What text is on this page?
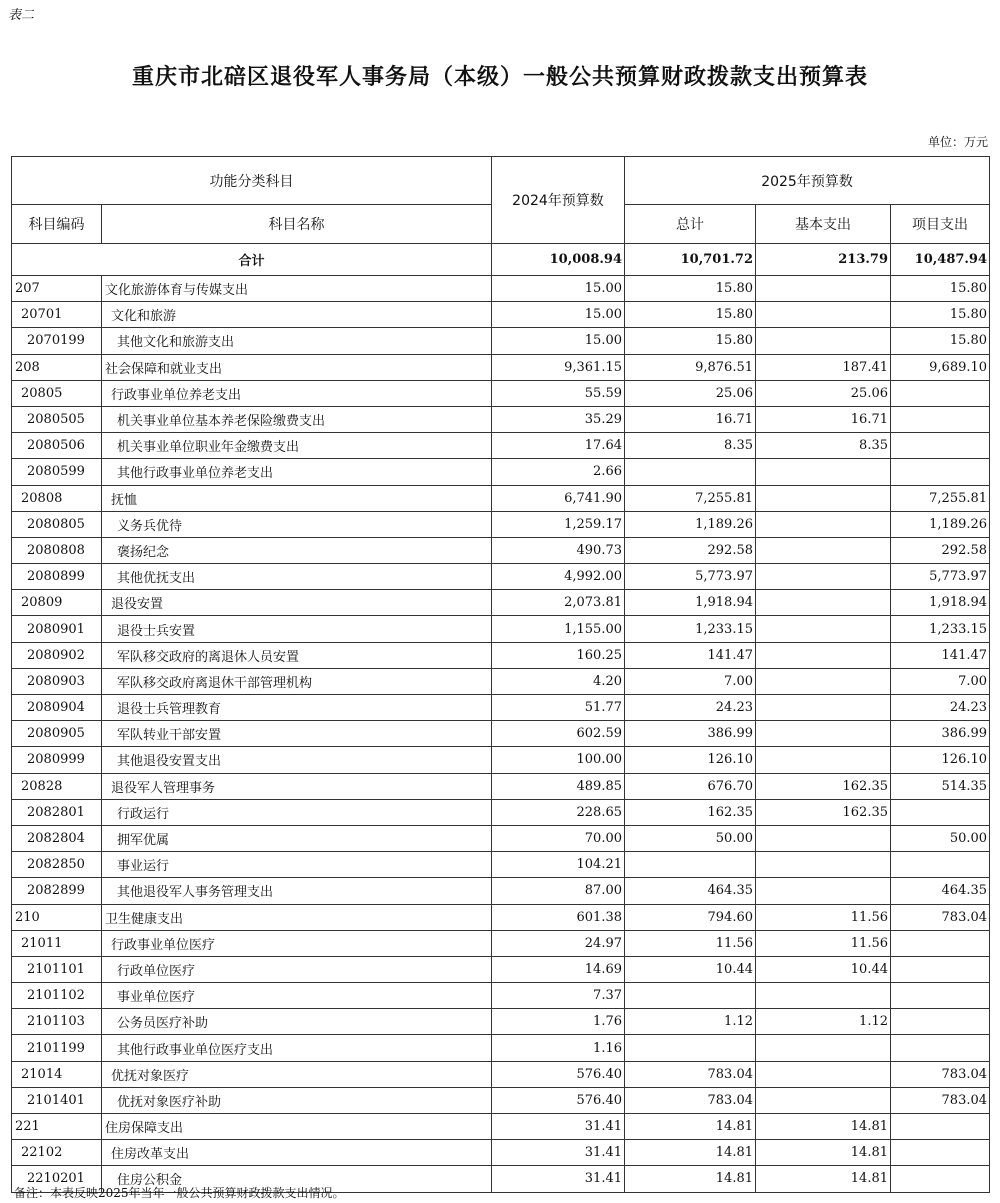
表二
重庆市北碚区退役军人事务局（本级）一般公共预算财政拨款支出预算表
单位：万元
功能分类科目		2024年预算数	2025年预算数		
科目编码	科目名称		总计	基本支出	项目支出
合计		10,008.94	10,701.72	213.79	10,487.94
207	文化旅游体育与传媒支出	15.00	15.80		15.80
20701	文化和旅游	15.00	15.80		15.80
2070199	其他文化和旅游支出	15.00	15.80		15.80
208	社会保障和就业支出	9,361.15	9,876.51	187.41	9,689.10
20805	行政事业单位养老支出	55.59	25.06	25.06	
2080505	机关事业单位基本养老保险缴费支出	35.29	16.71	16.71	
2080506	机关事业单位职业年金缴费支出	17.64	8.35	8.35	
2080599	其他行政事业单位养老支出	2.66			
20808	抚恤	6,741.90	7,255.81		7,255.81
2080805	义务兵优待	1,259.17	1,189.26		1,189.26
2080808	褒扬纪念	490.73	292.58		292.58
2080899	其他优抚支出	4,992.00	5,773.97		5,773.97
20809	退役安置	2,073.81	1,918.94		1,918.94
2080901	退役士兵安置	1,155.00	1,233.15		1,233.15
2080902	军队移交政府的离退休人员安置	160.25	141.47		141.47
2080903	军队移交政府离退休干部管理机构	4.20	7.00		7.00
2080904	退役士兵管理教育	51.77	24.23		24.23
2080905	军队转业干部安置	602.59	386.99		386.99
2080999	其他退役安置支出	100.00	126.10		126.10
20828	退役军人管理事务	489.85	676.70	162.35	514.35
2082801	行政运行	228.65	162.35	162.35	
2082804	拥军优属	70.00	50.00		50.00
2082850	事业运行	104.21			
2082899	其他退役军人事务管理支出	87.00	464.35		464.35
210	卫生健康支出	601.38	794.60	11.56	783.04
21011	行政事业单位医疗	24.97	11.56	11.56	
2101101	行政单位医疗	14.69	10.44	10.44	
2101102	事业单位医疗	7.37			
2101103	公务员医疗补助	1.76	1.12	1.12	
2101199	其他行政事业单位医疗支出	1.16			
21014	优抚对象医疗	576.40	783.04		783.04
2101401	优抚对象医疗补助	576.40	783.04		783.04
221	住房保障支出	31.41	14.81	14.81	
22102	住房改革支出	31.41	14.81	14.81	
2210201	住房公积金	31.41	14.81	14.81	
备注：本表反映2025年当年一般公共预算财政拨款支出情况。
